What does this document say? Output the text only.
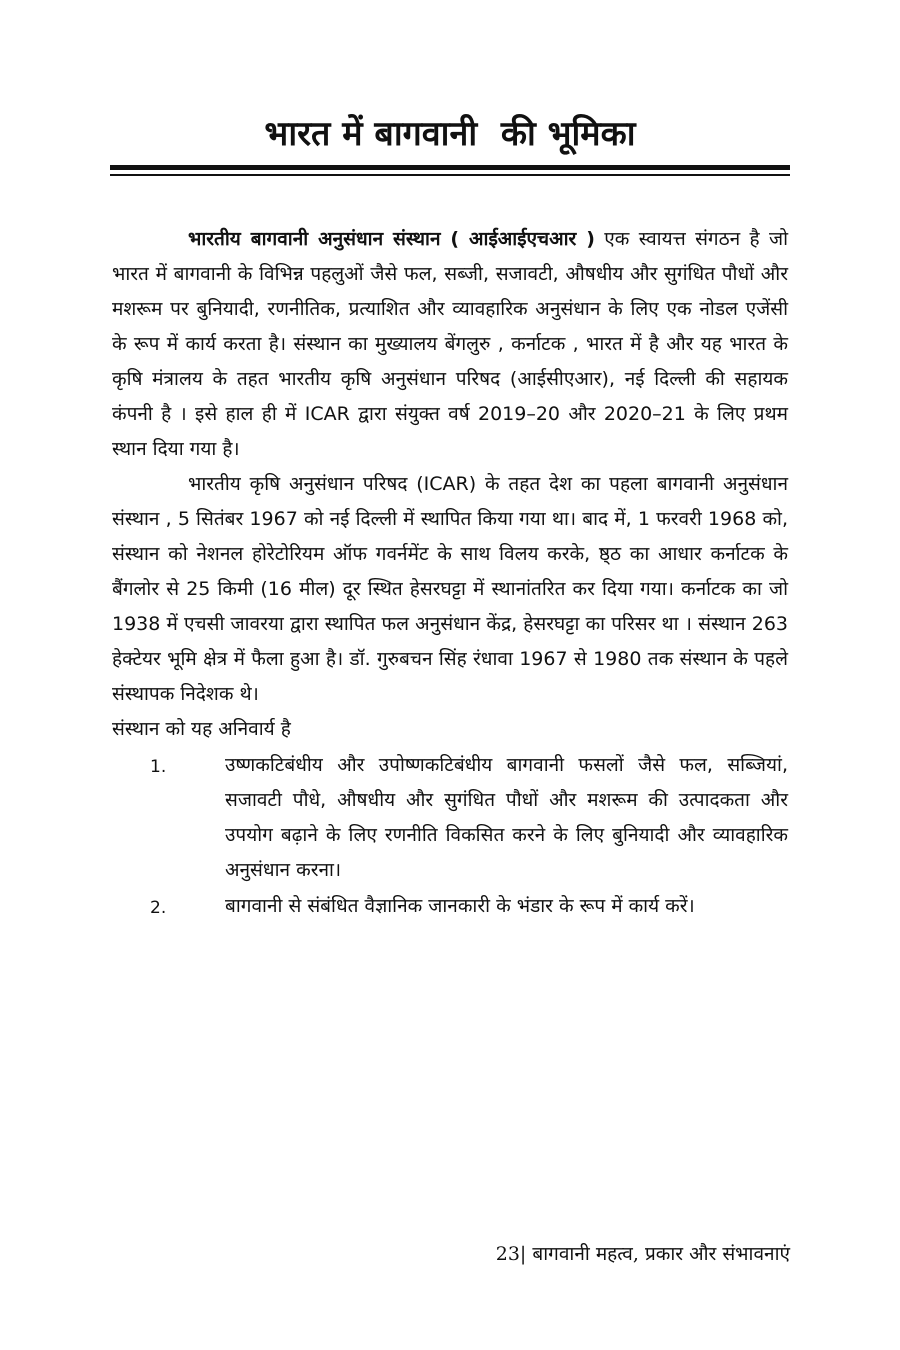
भारत में बागवानी  की भूमिका

भारतीय बागवानी अनुसंधान संस्थान ( आईआईएचआर ) एक स्वायत्त संगठन है जो भारत में बागवानी के विभिन्न पहलुओं जैसे फल, सब्जी, सजावटी, औषधीय और सुगंधित पौधों और मशरूम पर बुनियादी, रणनीतिक, प्रत्याशित और व्यावहारिक अनुसंधान के लिए एक नोडल एजेंसी के रूप में कार्य करता है। संस्थान का मुख्यालय बेंगलुरु , कर्नाटक , भारत में है और यह भारत के कृषि मंत्रालय के तहत भारतीय कृषि अनुसंधान परिषद (आईसीएआर), नई दिल्ली की सहायक कंपनी है । इसे हाल ही में ICAR द्वारा संयुक्त वर्ष 2019–20 और 2020–21 के लिए प्रथम स्थान दिया गया है।

भारतीय कृषि अनुसंधान परिषद (ICAR) के तहत देश का पहला बागवानी अनुसंधान संस्थान , 5 सितंबर 1967 को नई दिल्ली में स्थापित किया गया था। बाद में, 1 फरवरी 1968 को, संस्थान को नेशनल होरेटोरियम ऑफ गवर्नमेंट के साथ विलय करके, ष्ठ्ठ का आधार कर्नाटक के बैंगलोर से 25 किमी (16 मील) दूर स्थित हेसरघट्टा में स्थानांतरित कर दिया गया। कर्नाटक का जो 1938 में एचसी जावरया द्वारा स्थापित फल अनुसंधान केंद्र, हेसरघट्टा का परिसर था । संस्थान 263 हेक्टेयर भूमि क्षेत्र में फैला हुआ है। डॉ. गुरुबचन सिंह रंधावा 1967 से 1980 तक संस्थान के पहले संस्थापक निदेशक थे।

संस्थान को यह अनिवार्य है

1.	उष्णकटिबंधीय और उपोष्णकटिबंधीय बागवानी फसलों जैसे फल, सब्जियां, सजावटी पौधे, औषधीय और सुगंधित पौधों और मशरूम की उत्पादकता और उपयोग बढ़ाने के लिए रणनीति विकसित करने के लिए बुनियादी और व्यावहारिक अनुसंधान करना।
2.	बागवानी से संबंधित वैज्ञानिक जानकारी के भंडार के रूप में कार्य करें।
23| बागवानी महत्व, प्रकार और संभावनाएं
